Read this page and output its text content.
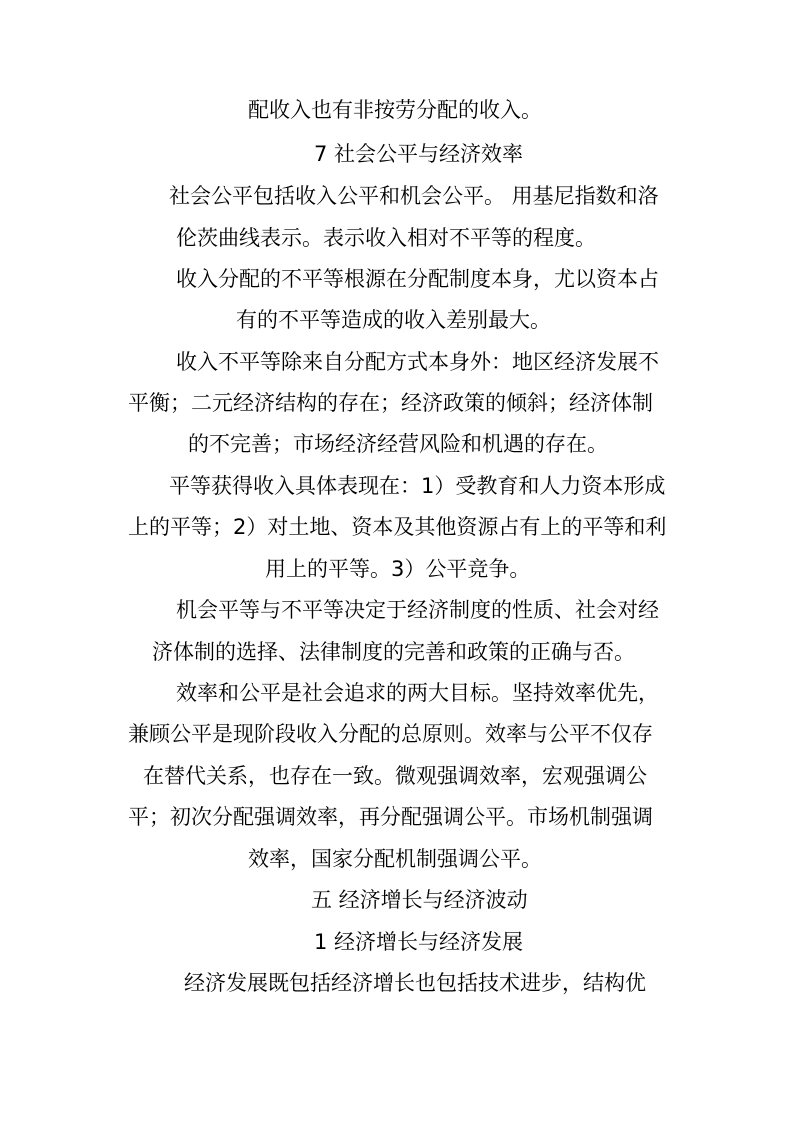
配收入也有非按劳分配的收入。
7 社会公平与经济效率
社会公平包括收入公平和机会公平。 用基尼指数和洛
伦茨曲线表示。表示收入相对不平等的程度。
收入分配的不平等根源在分配制度本身，尤以资本占
有的不平等造成的收入差别最大。
收入不平等除来自分配方式本身外：地区经济发展不
平衡；二元经济结构的存在；经济政策的倾斜；经济体制
的不完善；市场经济经营风险和机遇的存在。
平等获得收入具体表现在：1）受教育和人力资本形成
上的平等；2）对土地、资本及其他资源占有上的平等和利
用上的平等。3）公平竞争。
机会平等与不平等决定于经济制度的性质、社会对经
济体制的选择、法律制度的完善和政策的正确与否。
效率和公平是社会追求的两大目标。坚持效率优先，
兼顾公平是现阶段收入分配的总原则。效率与公平不仅存
在替代关系，也存在一致。微观强调效率，宏观强调公
平；初次分配强调效率，再分配强调公平。市场机制强调
效率，国家分配机制强调公平。
五 经济增长与经济波动
1 经济增长与经济发展
经济发展既包括经济增长也包括技术进步，结构优
